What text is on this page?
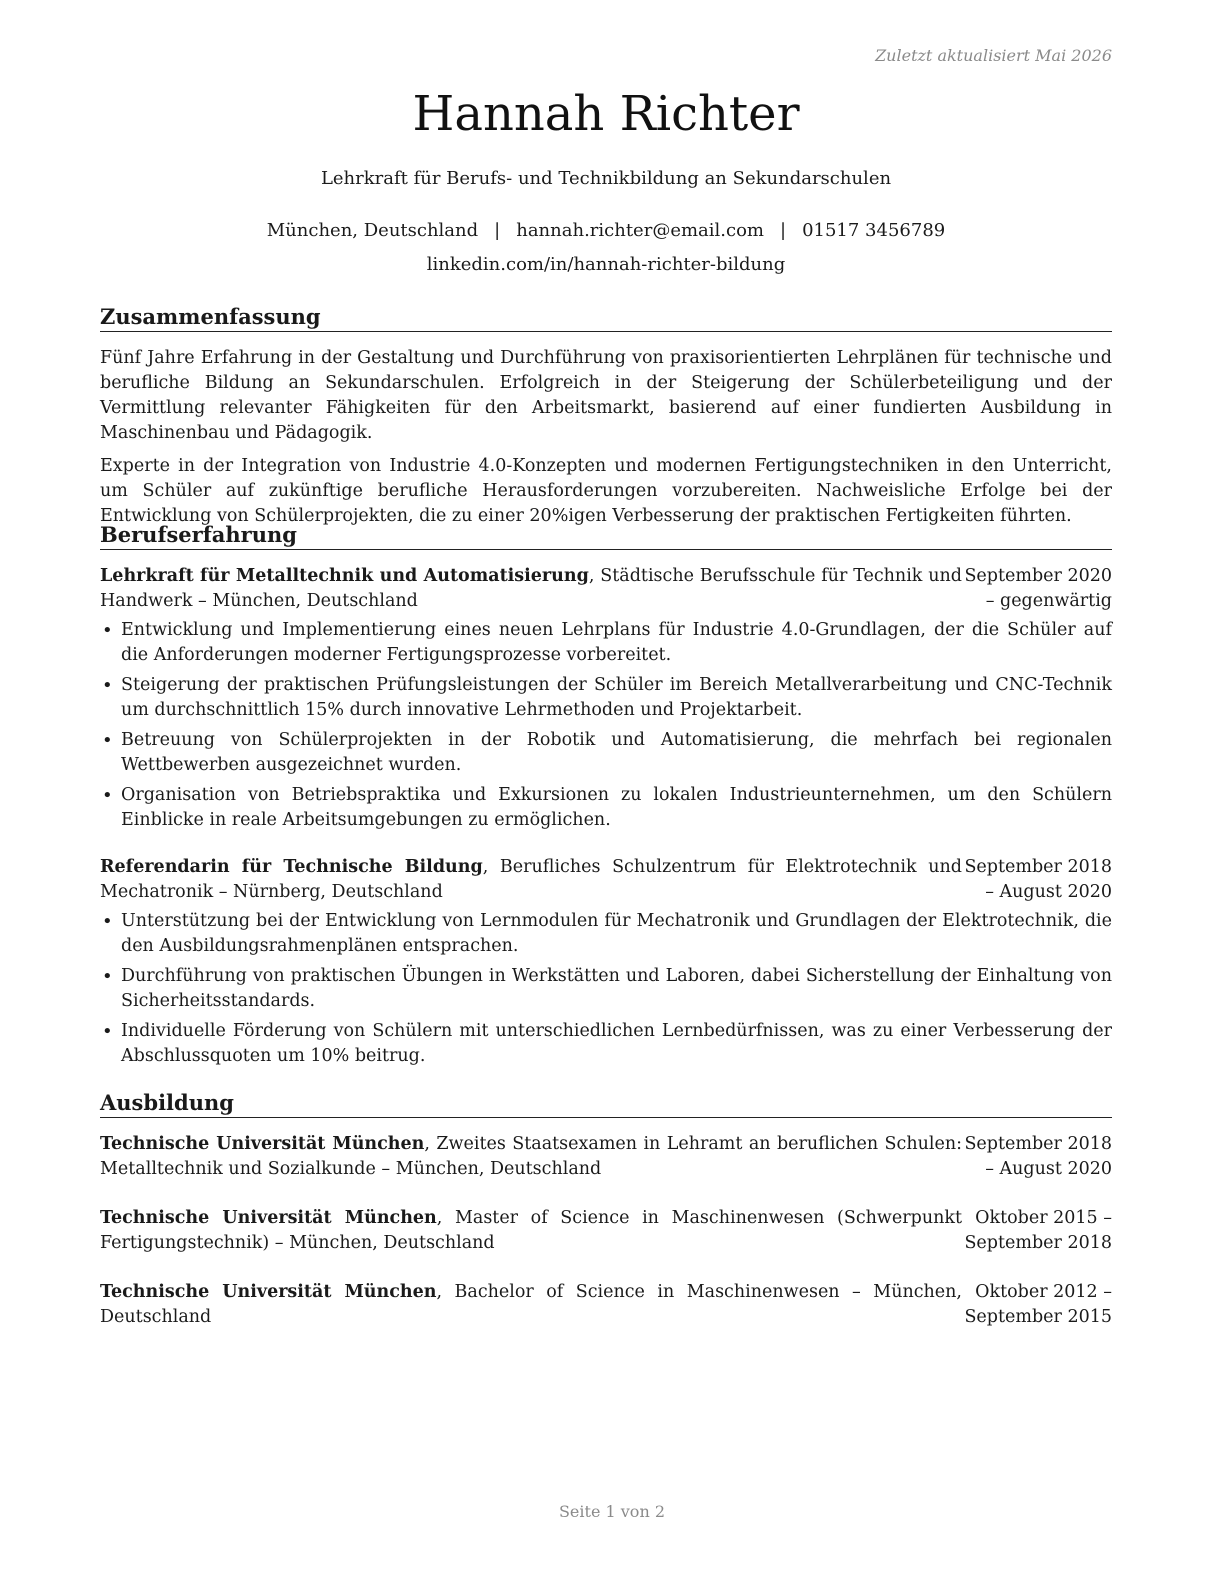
Zuletzt aktualisiert Mai 2026
Hannah Richter
Lehrkraft für Berufs- und Technikbildung an Sekundarschulen
München, Deutschland | hannah.richter@email.com | 01517 3456789
linkedin.com/in/hannah-richter-bildung
Zusammenfassung

Fünf Jahre Erfahrung in der Gestaltung und Durchführung von praxisorientierten Lehrplänen für technische und berufliche Bildung an Sekundarschulen. Erfolgreich in der Steigerung der Schülerbeteiligung und der Vermittlung relevanter Fähigkeiten für den Arbeitsmarkt, basierend auf einer fundierten Ausbildung in Maschinenbau und Pädagogik.

Experte in der Integration von Industrie 4.0-Konzepten und modernen Fertigungstechniken in den Unterricht, um Schüler auf zukünftige berufliche Herausforderungen vorzubereiten. Nachweisliche Erfolge bei der Entwicklung von Schülerprojekten, die zu einer 20%igen Verbesserung der praktischen Fertigkeiten führten.

Berufserfahrung
Lehrkraft für Metalltechnik und Automatisierung, Städtische Berufsschule für Technik und Handwerk – München, Deutschland
September 2020 – gegenwärtig
• Entwicklung und Implementierung eines neuen Lehrplans für Industrie 4.0-Grundlagen, der die Schüler auf die Anforderungen moderner Fertigungsprozesse vorbereitet.
• Steigerung der praktischen Prüfungsleistungen der Schüler im Bereich Metallverarbeitung und CNC-Technik um durchschnittlich 15% durch innovative Lehrmethoden und Projektarbeit.
• Betreuung von Schülerprojekten in der Robotik und Automatisierung, die mehrfach bei regionalen Wettbewerben ausgezeichnet wurden.
• Organisation von Betriebspraktika und Exkursionen zu lokalen Industrieunternehmen, um den Schülern Einblicke in reale Arbeitsumgebungen zu ermöglichen.
Referendarin für Technische Bildung, Berufliches Schulzentrum für Elektrotechnik und Mechatronik – Nürnberg, Deutschland
September 2018 – August 2020
• Unterstützung bei der Entwicklung von Lernmodulen für Mechatronik und Grundlagen der Elektrotechnik, die den Ausbildungsrahmenplänen entsprachen.
• Durchführung von praktischen Übungen in Werkstätten und Laboren, dabei Sicherstellung der Einhaltung von Sicherheitsstandards.
• Individuelle Förderung von Schülern mit unterschiedlichen Lernbedürfnissen, was zu einer Verbesserung der Abschlussquoten um 10% beitrug.
Ausbildung
Technische Universität München, Zweites Staatsexamen in Lehramt an beruflichen Schulen: Metalltechnik und Sozialkunde – München, Deutschland
September 2018 – August 2020
Technische Universität München, Master of Science in Maschinenwesen (Schwerpunkt Fertigungstechnik) – München, Deutschland
Oktober 2015 – September 2018
Technische Universität München, Bachelor of Science in Maschinenwesen – München, Deutschland
Oktober 2012 – September 2015
Seite 1 von 2
